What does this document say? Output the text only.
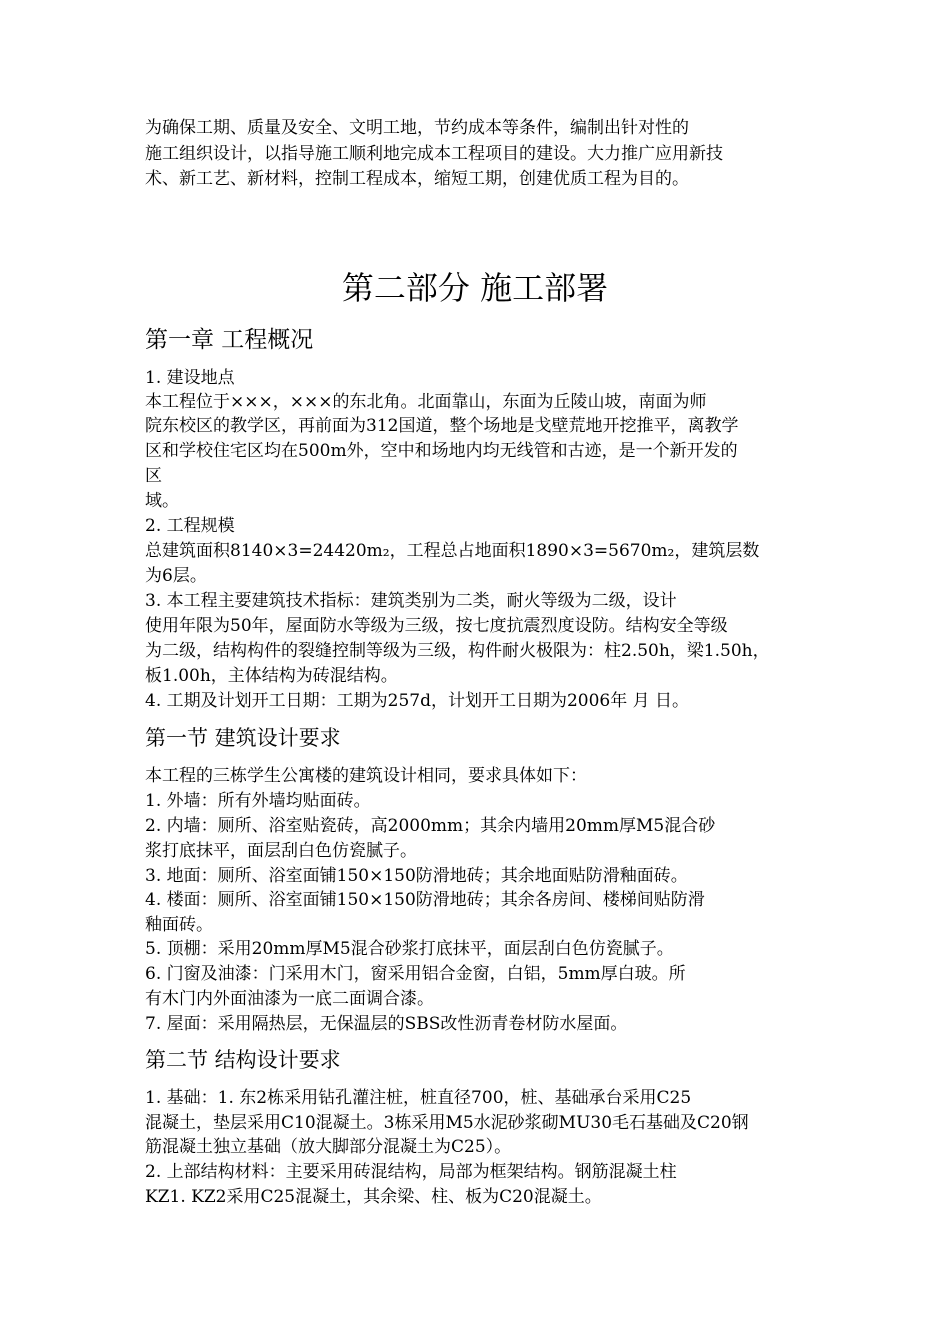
为确保工期、质量及安全、文明工地，节约成本等条件，编制出针对性的
施工组织设计，以指导施工顺利地完成本工程项目的建设。大力推广应用新技
术、新工艺、新材料，控制工程成本，缩短工期，创建优质工程为目的。
第二部分 施工部署
第一章 工程概况
1. 建设地点
本工程位于×××，×××的东北角。北面靠山，东面为丘陵山坡，南面为师
院东校区的教学区，再前面为312国道，整个场地是戈壁荒地开挖推平，离教学
区和学校住宅区均在500m外，空中和场地内均无线管和古迹，是一个新开发的
区
域。
2. 工程规模
总建筑面积8140×3=24420m₂，工程总占地面积1890×3=5670m₂，建筑层数
为6层。
3. 本工程主要建筑技术指标：建筑类别为二类，耐火等级为二级，设计
使用年限为50年，屋面防水等级为三级，按七度抗震烈度设防。结构安全等级
为二级，结构构件的裂缝控制等级为三级，构件耐火极限为：柱2.50h，梁1.50h，
板1.00h，主体结构为砖混结构。
4. 工期及计划开工日期：工期为257d，计划开工日期为2006年 月 日。
第一节 建筑设计要求
本工程的三栋学生公寓楼的建筑设计相同，要求具体如下：
1. 外墙：所有外墙均贴面砖。
2. 内墙：厕所、浴室贴瓷砖，高2000mm；其余内墙用20mm厚M5混合砂
浆打底抹平，面层刮白色仿瓷腻子。
3. 地面：厕所、浴室面铺150×150防滑地砖；其余地面贴防滑釉面砖。
4. 楼面：厕所、浴室面铺150×150防滑地砖；其余各房间、楼梯间贴防滑
釉面砖。
5. 顶棚：采用20mm厚M5混合砂浆打底抹平，面层刮白色仿瓷腻子。
6. 门窗及油漆：门采用木门，窗采用铝合金窗，白铝，5mm厚白玻。所
有木门内外面油漆为一底二面调合漆。
7. 屋面：采用隔热层，无保温层的SBS改性沥青卷材防水屋面。
第二节 结构设计要求
1. 基础：1. 东2栋采用钻孔灌注桩，桩直径700，桩、基础承台采用C25
混凝土，垫层采用C10混凝土。3栋采用M5水泥砂浆砌MU30毛石基础及C20钢
筋混凝土独立基础（放大脚部分混凝土为C25）。
2. 上部结构材料：主要采用砖混结构，局部为框架结构。钢筋混凝土柱
KZ1. KZ2采用C25混凝土，其余梁、柱、板为C20混凝土。
